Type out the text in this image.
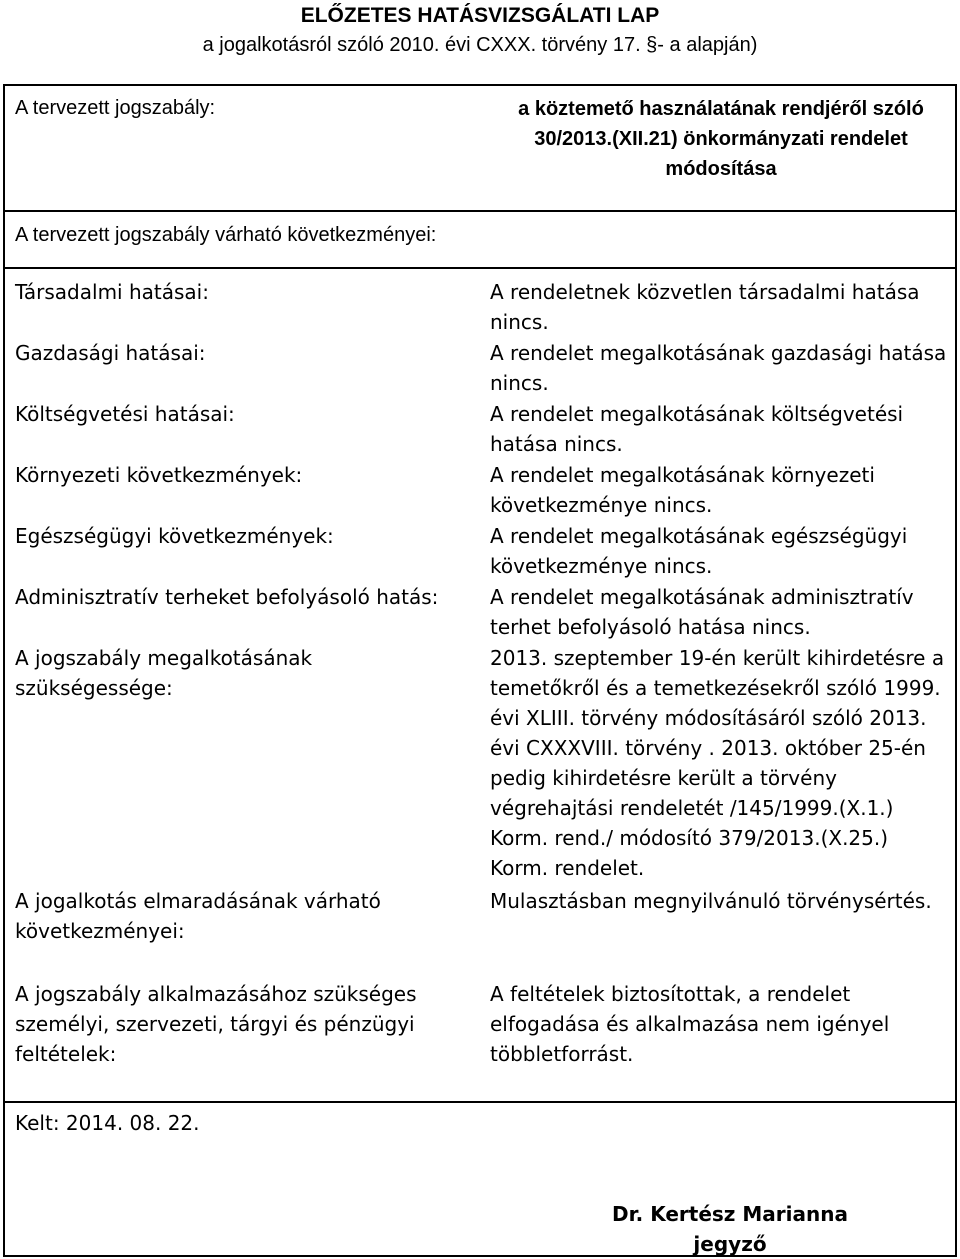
ELŐZETES HATÁSVIZSGÁLATI LAP
a jogalkotásról szóló 2010. évi CXXX. törvény 17. §- a alapján)
A tervezett jogszabály:	a köztemető használatának rendjéről szóló
30/2013.(XII.21) önkormányzati rendelet
módosítása
A tervezett jogszabály várható következményei:
Társadalmi hatásai:	A rendeletnek közvetlen társadalmi hatása nincs.
Gazdasági hatásai:	A rendelet megalkotásának gazdasági hatása nincs.
Költségvetési hatásai:	A rendelet megalkotásának költségvetési hatása nincs.
Környezeti következmények:	A rendelet megalkotásának környezeti következménye nincs.
Egészségügyi következmények:	A rendelet megalkotásának egészségügyi következménye nincs.
Adminisztratív terheket befolyásoló hatás:	A rendelet megalkotásának adminisztratív terhet befolyásoló hatása nincs.
A jogszabály megalkotásának szükségessége:
2013. szeptember 19-én került kihirdetésre a temetőkről és a temetkezésekről szóló 1999. évi XLIII. törvény módosításáról szóló 2013. évi CXXXVIII. törvény . 2013. október 25-én pedig kihirdetésre került a törvény végrehajtási rendeletét /145/1999.(X.1.) Korm. rend./ módosító 379/2013.(X.25.) Korm. rendelet.
A jogalkotás elmaradásának várható következményei:
Mulasztásban megnyilvánuló törvénysértés.
A jogszabály alkalmazásához szükséges személyi, szervezeti, tárgyi és pénzügyi feltételek:
A feltételek biztosítottak, a rendelet elfogadása és alkalmazása nem igényel többletforrást.
Kelt: 2014. 08. 22.
Dr. Kertész Marianna
jegyző
